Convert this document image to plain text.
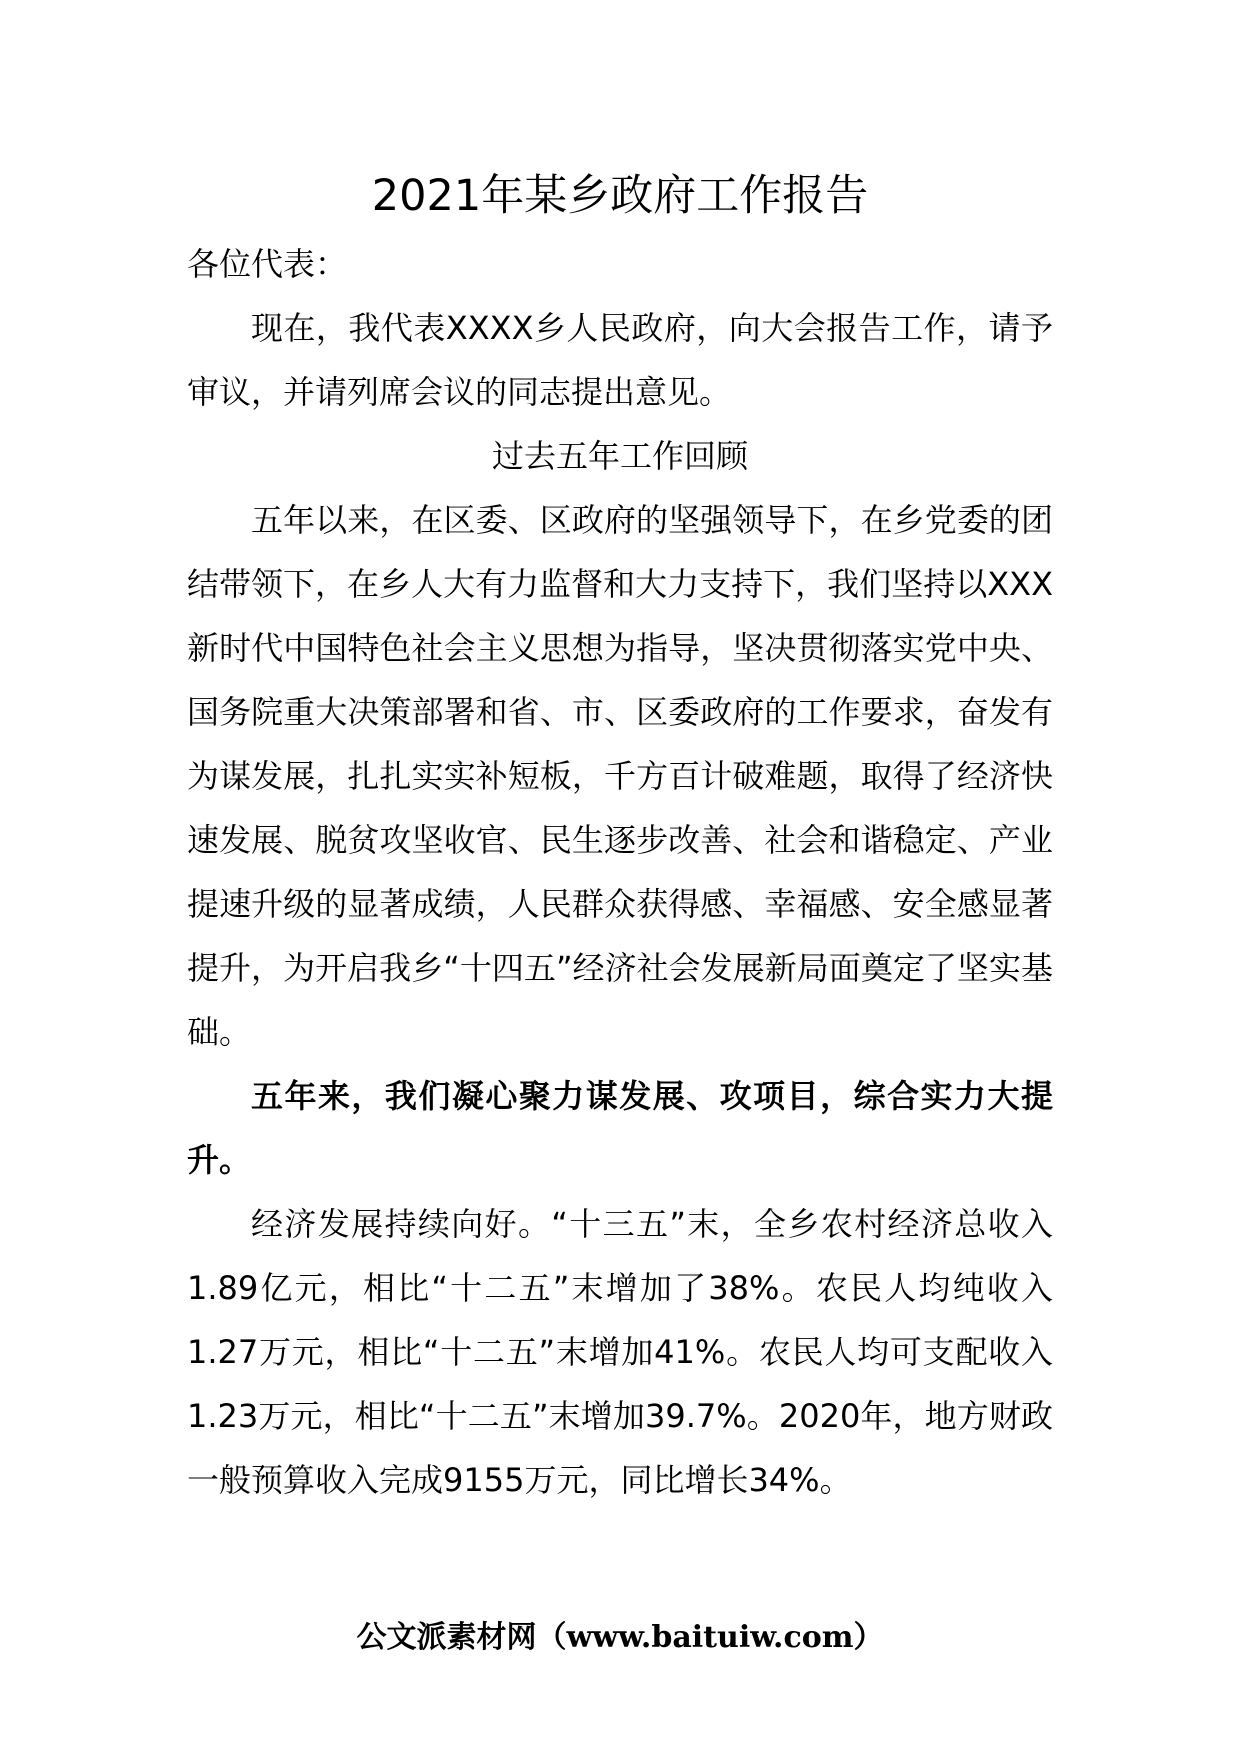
2021年某乡政府工作报告

各位代表：

现在，我代表XXXX乡人民政府，向大会报告工作，请予审议，并请列席会议的同志提出意见。

过去五年工作回顾

五年以来，在区委、区政府的坚强领导下，在乡党委的团结带领下，在乡人大有力监督和大力支持下，我们坚持以XXX新时代中国特色社会主义思想为指导，坚决贯彻落实党中央、国务院重大决策部署和省、市、区委政府的工作要求，奋发有为谋发展，扎扎实实补短板，千方百计破难题，取得了经济快速发展、脱贫攻坚收官、民生逐步改善、社会和谐稳定、产业提速升级的显著成绩，人民群众获得感、幸福感、安全感显著提升，为开启我乡“十四五”经济社会发展新局面奠定了坚实基础。

五年来，我们凝心聚力谋发展、攻项目，综合实力大提升。

经济发展持续向好。“十三五”末，全乡农村经济总收入1.89亿元，相比“十二五”末增加了38%。农民人均纯收入1.27万元，相比“十二五”末增加41%。农民人均可支配收入1.23万元，相比“十二五”末增加39.7%。2020年，地方财政一般预算收入完成9155万元，同比增长34%。

公文派素材网（www.baituiw.com）
